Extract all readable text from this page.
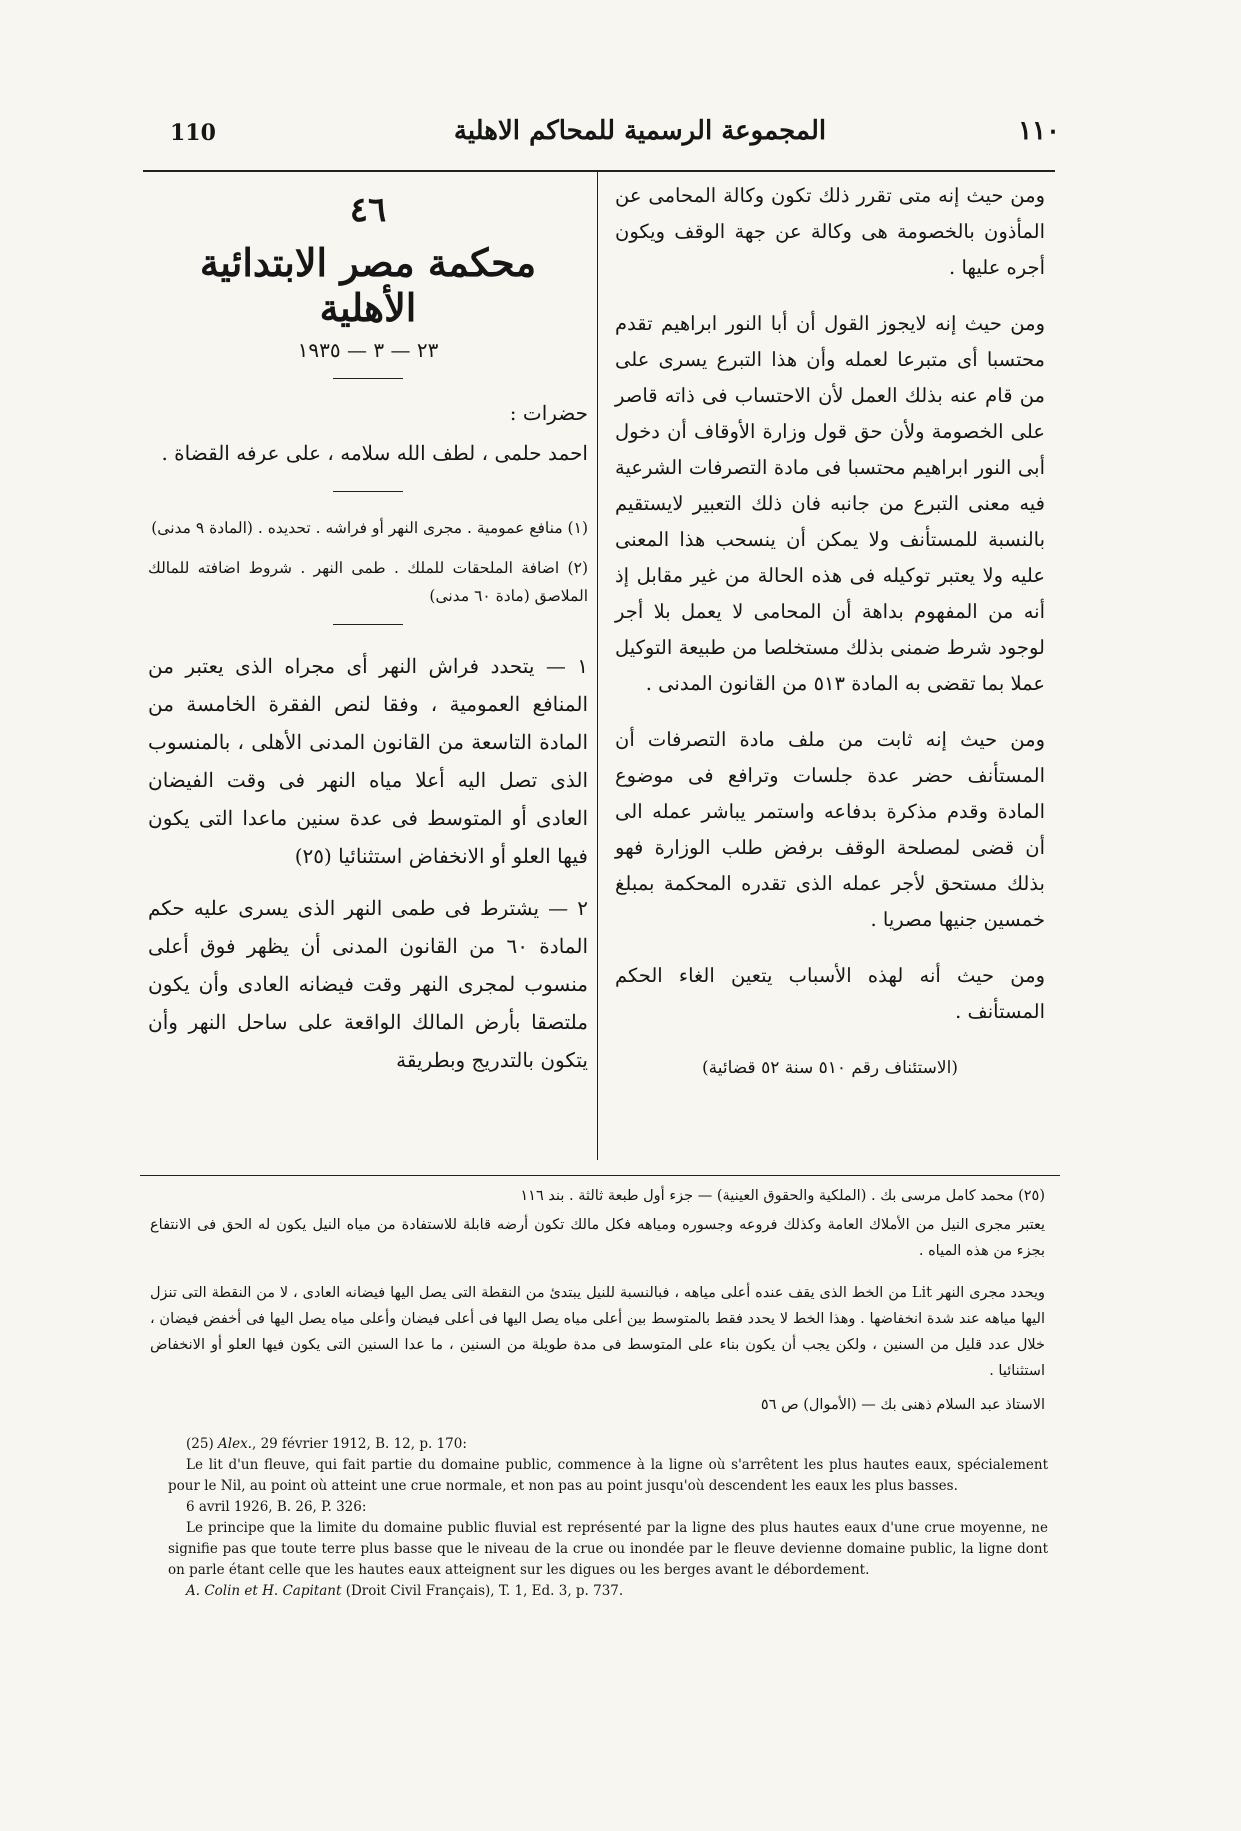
110	المجموعة الرسمية للمحاكم الاهلية	١١٠

ومن حيث إنه متى تقرر ذلك تكون وكالة المحامى عن المأذون بالخصومة هى وكالة عن جهة الوقف ويكون أجره عليها .

ومن حيث إنه لايجوز القول أن أبا النور ابراهيم تقدم محتسبا أى متبرعا لعمله وأن هذا التبرع يسرى على من قام عنه بذلك العمل لأن الاحتساب فى ذاته قاصر على الخصومة ولأن حق قول وزارة الأوقاف أن دخول أبى النور ابراهيم محتسبا فى مادة التصرفات الشرعية فيه معنى التبرع من جانبه فان ذلك التعبير لايستقيم بالنسبة للمستأنف ولا يمكن أن ينسحب هذا المعنى عليه ولا يعتبر توكيله فى هذه الحالة من غير مقابل إذ أنه من المفهوم بداهة أن المحامى لا يعمل بلا أجر لوجود شرط ضمنى بذلك مستخلصا من طبيعة التوكيل عملا بما تقضى به المادة ٥١٣ من القانون المدنى .

ومن حيث إنه ثابت من ملف مادة التصرفات أن المستأنف حضر عدة جلسات وترافع فى موضوع المادة وقدم مذكرة بدفاعه واستمر يباشر عمله الى أن قضى لمصلحة الوقف برفض طلب الوزارة فهو بذلك مستحق لأجر عمله الذى تقدره المحكمة بمبلغ خمسين جنيها مصريا .

ومن حيث أنه لهذه الأسباب يتعين الغاء الحكم المستأنف .

(الاستئناف رقم ٥١٠ سنة ٥٢ قضائية)

٤٦
محكمة مصر الابتدائية الأهلية
٢٣ — ٣ — ١٩٣٥
حضرات :
احمد حلمى ، لطف الله سلامه ، على عرفه القضاة .

(١) منافع عمومية . مجرى النهر أو فراشه . تحديده . (المادة ٩ مدنى)

(٢) اضافة الملحقات للملك . طمى النهر . شروط اضافته للمالك الملاصق (مادة ٦٠ مدنى)

١ — يتحدد فراش النهر أى مجراه الذى يعتبر من المنافع العمومية ، وفقا لنص الفقرة الخامسة من المادة التاسعة من القانون المدنى الأهلى ، بالمنسوب الذى تصل اليه أعلا مياه النهر فى وقت الفيضان العادى أو المتوسط فى عدة سنين ماعدا التى يكون فيها العلو أو الانخفاض استثنائيا (٢٥)

٢ — يشترط فى طمى النهر الذى يسرى عليه حكم المادة ٦٠ من القانون المدنى أن يظهر فوق أعلى منسوب لمجرى النهر وقت فيضانه العادى وأن يكون ملتصقا بأرض المالك الواقعة على ساحل النهر وأن يتكون بالتدريج وبطريقة

(٢٥) محمد كامل مرسى بك . (الملكية والحقوق العينية) — جزء أول طبعة ثالثة . بند ١١٦
يعتبر مجرى النيل من الأملاك العامة وكذلك فروعه وجسوره ومياهه فكل مالك تكون أرضه قابلة للاستفادة من مياه النيل يكون له الحق فى الانتفاع بجزء من هذه المياه .
ويحدد مجرى النهر Lit من الخط الذى يقف عنده أعلى مياهه ، فبالنسبة للنيل يبتدئ من النقطة التى يصل اليها فيضانه العادى ، لا من النقطة التى تنزل اليها مياهه عند شدة انخفاضها . وهذا الخط لا يحدد فقط بالمتوسط بين أعلى مياه يصل اليها فى أعلى فيضان وأعلى مياه يصل اليها فى أخفض فيضان ، خلال عدد قليل من السنين ، ولكن يجب أن يكون بناء على المتوسط فى مدة طويلة من السنين ، ما عدا السنين التى يكون فيها العلو أو الانخفاض استثنائيا .
الاستاذ عبد السلام ذهنى بك — (الأموال) ص ٥٦
(25) Alex., 29 février 1912, B. 12, p. 170:
Le lit d'un fleuve, qui fait partie du domaine public, commence à la ligne où s'arrêtent les plus hautes eaux, spécialement pour le Nil, au point où atteint une crue normale, et non pas au point jusqu'où descendent les eaux les plus basses.
6 avril 1926, B. 26, P. 326:
Le principe que la limite du domaine public fluvial est représenté par la ligne des plus hautes eaux d'une crue moyenne, ne signifie pas que toute terre plus basse que le niveau de la crue ou inondée par le fleuve devienne domaine public, la ligne dont on parle étant celle que les hautes eaux atteignent sur les digues ou les berges avant le débordement.
A. Colin et H. Capitant (Droit Civil Français), T. 1, Ed. 3, p. 737.
